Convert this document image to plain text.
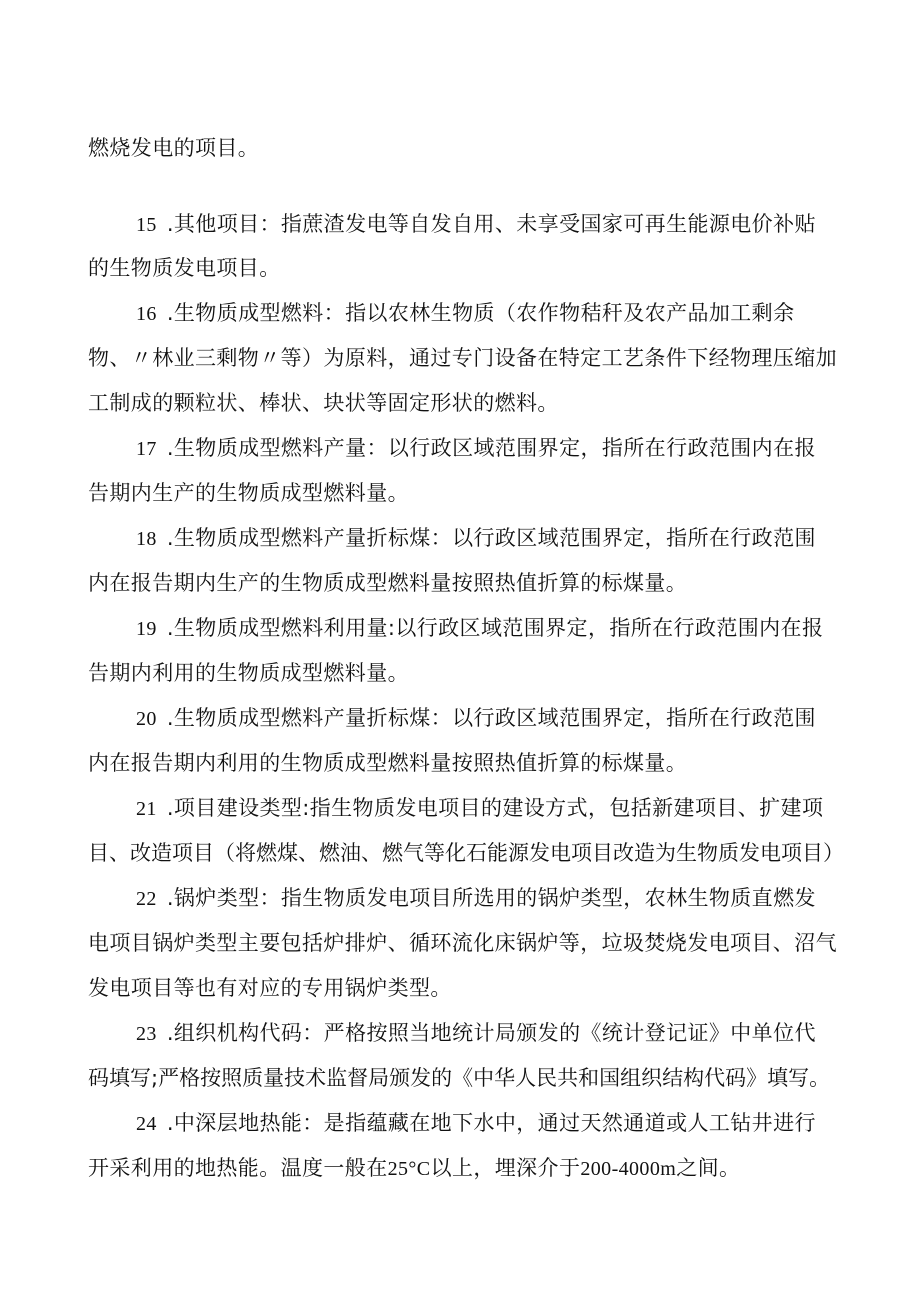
燃烧发电的项目。
15 .其他项目：指蔗渣发电等自发自用、未享受国家可再生能源电价补贴
的生物质发电项目。
16 .生物质成型燃料：指以农林生物质（农作物秸秆及农产品加工剩余
物、〃林业三剩物〃等）为原料，通过专门设备在特定工艺条件下经物理压缩加
工制成的颗粒状、棒状、块状等固定形状的燃料。
17 .生物质成型燃料产量：以行政区域范围界定，指所在行政范围内在报
告期内生产的生物质成型燃料量。
18 .生物质成型燃料产量折标煤：以行政区域范围界定，指所在行政范围
内在报告期内生产的生物质成型燃料量按照热值折算的标煤量。
19 .生物质成型燃料利用量:以行政区域范围界定，指所在行政范围内在报
告期内利用的生物质成型燃料量。
20 .生物质成型燃料产量折标煤：以行政区域范围界定，指所在行政范围
内在报告期内利用的生物质成型燃料量按照热值折算的标煤量。
21 .项目建设类型:指生物质发电项目的建设方式，包括新建项目、扩建项
目、改造项目（将燃煤、燃油、燃气等化石能源发电项目改造为生物质发电项目）
22 .锅炉类型：指生物质发电项目所选用的锅炉类型，农林生物质直燃发
电项目锅炉类型主要包括炉排炉、循环流化床锅炉等，垃圾焚烧发电项目、沼气
发电项目等也有对应的专用锅炉类型。
23 .组织机构代码：严格按照当地统计局颁发的《统计登记证》中单位代
码填写;严格按照质量技术监督局颁发的《中华人民共和国组织结构代码》填写。
24 .中深层地热能：是指蕴藏在地下水中，通过天然通道或人工钻井进行
开采利用的地热能。温度一般在25°C以上，埋深介于200-4000m之间。
